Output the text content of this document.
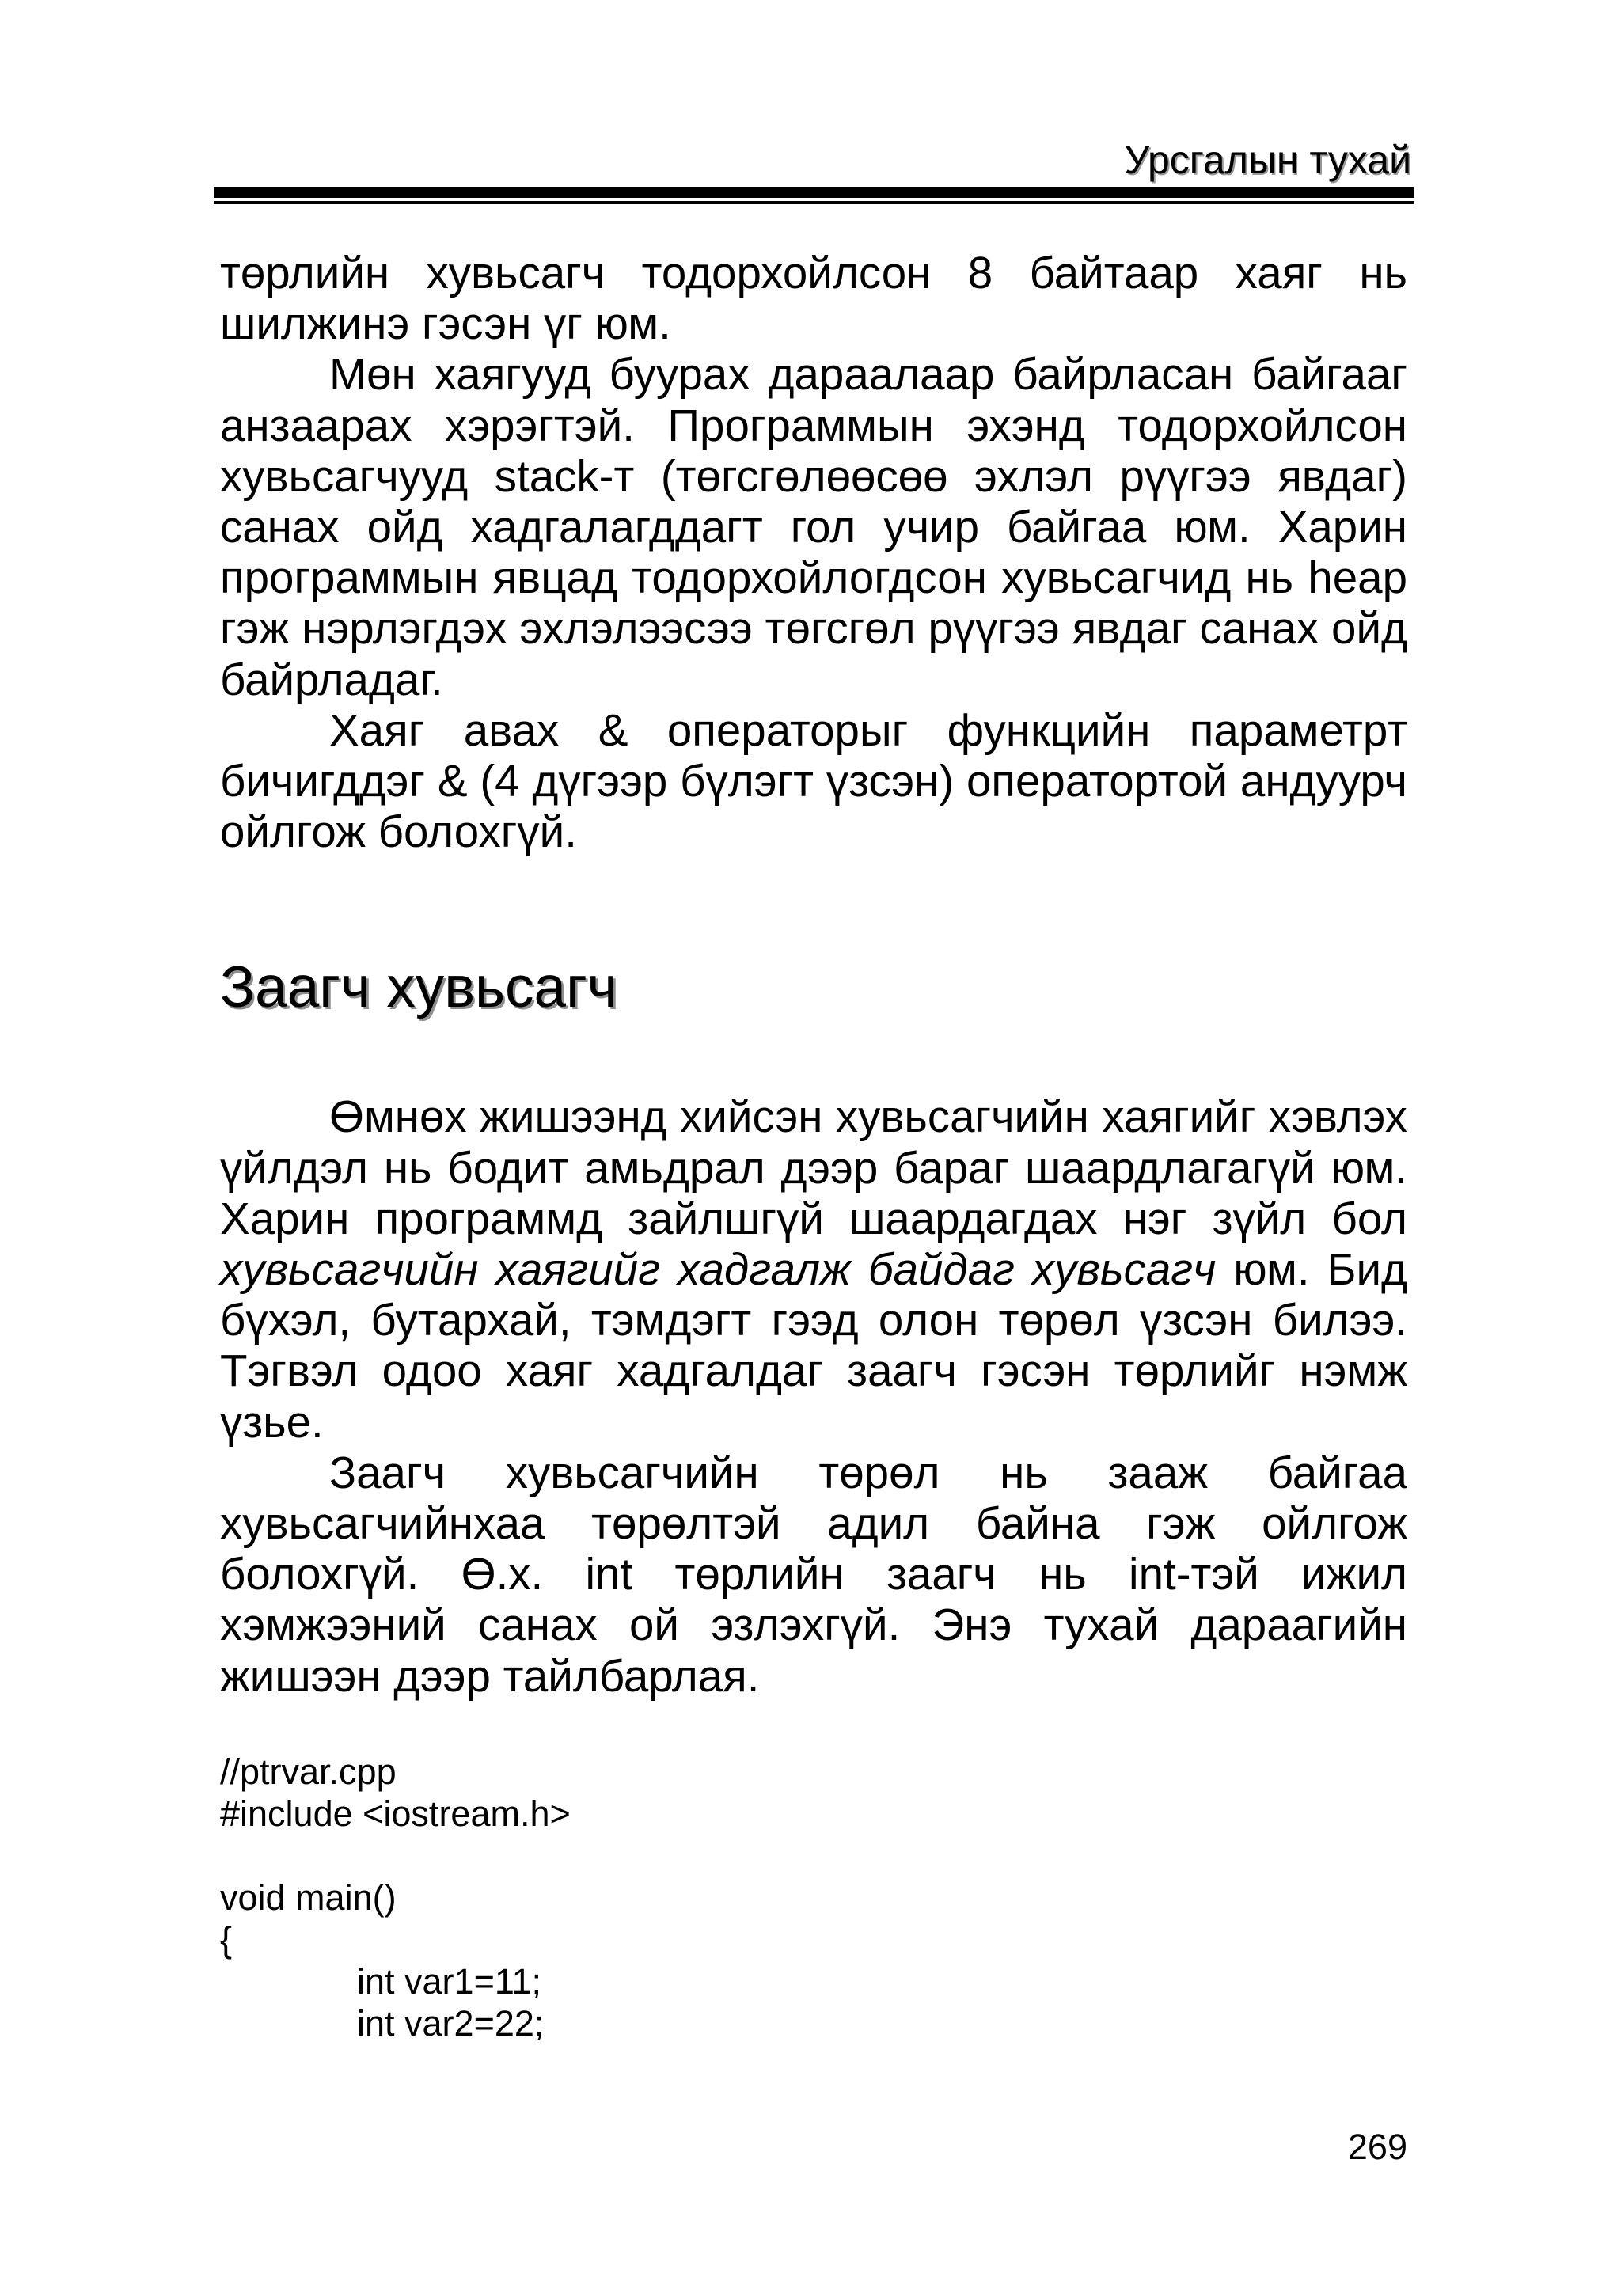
Урсгалын тухай

төрлийн хувьсагч тодорхойлсон 8 байтаар хаяг нь шилжинэ гэсэн үг юм.

Мөн хаягууд буурах дараалаар байрласан байгааг анзаарах хэрэгтэй. Программын эхэнд тодорхойлсон хувьсагчууд stack-т (төгсгөлөөсөө эхлэл рүүгээ явдаг) санах ойд хадгалагддагт гол учир байгаа юм. Харин программын явцад тодорхойлогдсон хувьсагчид нь heap гэж нэрлэгдэх эхлэлээсээ төгсгөл рүүгээ явдаг санах ойд байрладаг.

Хаяг авах & операторыг функцийн параметрт бичигддэг & (4 дүгээр бүлэгт үзсэн) оператортой андуурч ойлгож болохгүй.

Заагч хувьсагч

Өмнөх жишээнд хийсэн хувьсагчийн хаягийг хэвлэх үйлдэл нь бодит амьдрал дээр бараг шаардлагагүй юм. Харин программд зайлшгүй шаардагдах нэг зүйл бол хувьсагчийн хаягийг хадгалж байдаг хувьсагч юм. Бид бүхэл, бутархай, тэмдэгт гээд олон төрөл үзсэн билээ. Тэгвэл одоо хаяг хадгалдаг заагч гэсэн төрлийг нэмж үзье.

Заагч хувьсагчийн төрөл нь зааж байгаа хувьсагчийнхаа төрөлтэй адил байна гэж ойлгож болохгүй. Ө.х. int төрлийн заагч нь int-тэй ижил хэмжээний санах ой эзлэхгүй. Энэ тухай дараагийн жишээн дээр тайлбарлая.

//ptrvar.cpp
#include <iostream.h>
void main()
{
int var1=11;
int var2=22;
269
